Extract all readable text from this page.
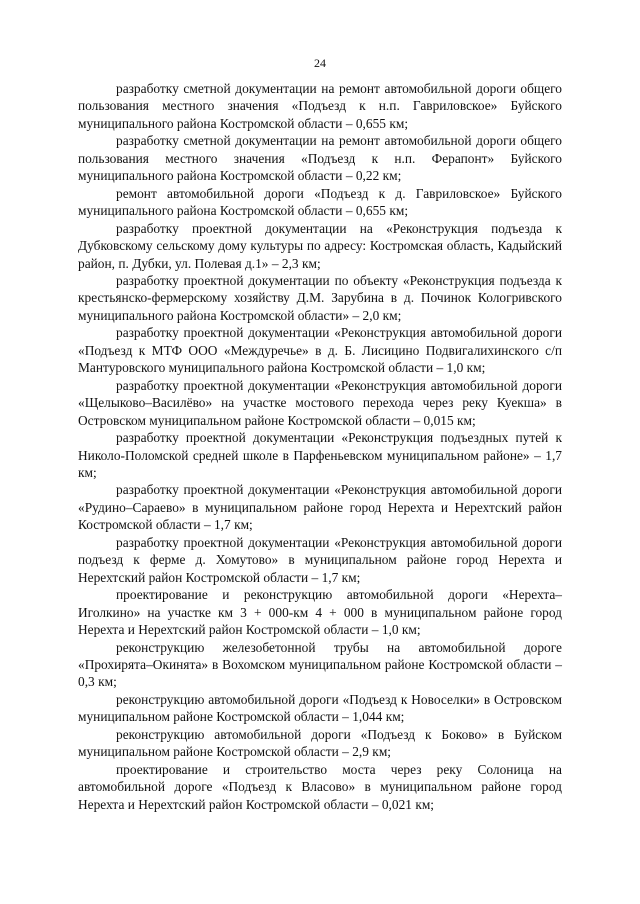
24

разработку сметной документации на ремонт автомобильной дороги общего пользования местного значения «Подъезд к н.п. Гавриловское» Буйского муниципального района Костромской области – 0,655 км;

разработку сметной документации на ремонт автомобильной дороги общего пользования местного значения «Подъезд к н.п. Ферапонт» Буйского муниципального района Костромской области – 0,22 км;

ремонт автомобильной дороги «Подъезд к д. Гавриловское» Буйского муниципального района Костромской области – 0,655 км;

разработку проектной документации на «Реконструкция подъезда к Дубковскому сельскому дому культуры по адресу: Костромская область, Кадыйский район, п. Дубки, ул. Полевая д.1» – 2,3 км;

разработку проектной документации по объекту «Реконструкция подъезда к крестьянско-фермерскому хозяйству Д.М. Зарубина в д. Починок Кологривского муниципального района Костромской области» – 2,0 км;

разработку проектной документации «Реконструкция автомобильной дороги «Подъезд к МТФ ООО «Междуречье» в д. Б. Лисицино Подвигалихинского с/п Мантуровского муниципального района Костромской области – 1,0 км;

разработку проектной документации «Реконструкция автомобильной дороги «Щелыково–Василёво» на участке мостового перехода через реку Куекша» в Островском муниципальном районе Костромской области – 0,015 км;

разработку проектной документации «Реконструкция подъездных путей к Николо-Поломской средней школе в Парфеньевском муниципальном районе» – 1,7 км;

разработку проектной документации «Реконструкция автомобильной дороги «Рудино–Сараево» в муниципальном районе город Нерехта и Нерехтский район Костромской области – 1,7 км;

разработку проектной документации «Реконструкция автомобильной дороги подъезд к ферме д. Хомутово» в муниципальном районе город Нерехта и Нерехтский район Костромской области – 1,7 км;

проектирование и реконструкцию автомобильной дороги «Нерехта–Иголкино» на участке км 3 + 000-км 4 + 000 в муниципальном районе город Нерехта и Нерехтский район Костромской области – 1,0 км;

реконструкцию железобетонной трубы на автомобильной дороге «Прохирята–Окинята» в Вохомском муниципальном районе Костромской области – 0,3 км;

реконструкцию автомобильной дороги «Подъезд к Новоселки» в Островском муниципальном районе Костромской области – 1,044 км;

реконструкцию автомобильной дороги «Подъезд к Боково» в Буйском муниципальном районе Костромской области – 2,9 км;

проектирование и строительство моста через реку Солоница на автомобильной дороге «Подъезд к Власово» в муниципальном районе город Нерехта и Нерехтский район Костромской области – 0,021 км;
